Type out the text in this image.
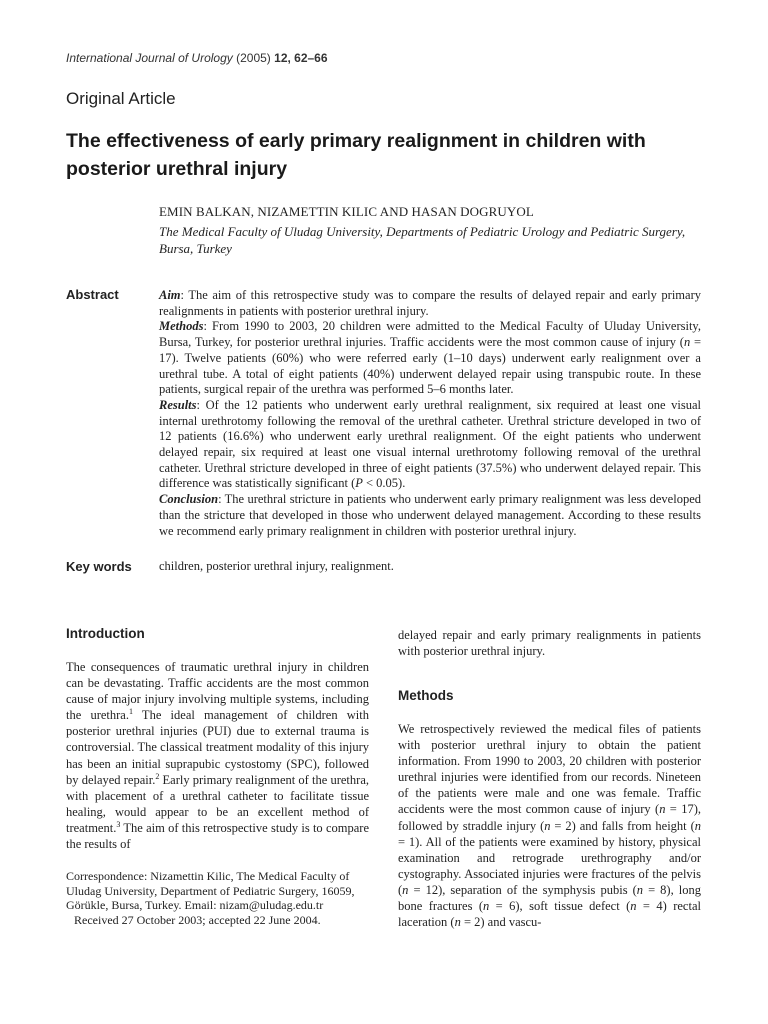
International Journal of Urology (2005) 12, 62–66
Original Article
The effectiveness of early primary realignment in children with posterior urethral injury
EMIN BALKAN, NIZAMETTIN KILIC AND HASAN DOGRUYOL
The Medical Faculty of Uludag University, Departments of Pediatric Urology and Pediatric Surgery, Bursa, Turkey
Abstract	Aim: The aim of this retrospective study was to compare the results of delayed repair and early primary realignments in patients with posterior urethral injury.

Methods: From 1990 to 2003, 20 children were admitted to the Medical Faculty of Uluday University, Bursa, Turkey, for posterior urethral injuries. Traffic accidents were the most common cause of injury (n = 17). Twelve patients (60%) who were referred early (1–10 days) underwent early realignment over a urethral tube. A total of eight patients (40%) underwent delayed repair using transpubic route. In these patients, surgical repair of the urethra was performed 5–6 months later.

Results: Of the 12 patients who underwent early urethral realignment, six required at least one visual internal urethrotomy following the removal of the urethral catheter. Urethral stricture developed in two of 12 patients (16.6%) who underwent early urethral realignment. Of the eight patients who underwent delayed repair, six required at least one visual internal urethrotomy following removal of the urethral catheter. Urethral stricture developed in three of eight patients (37.5%) who underwent delayed repair. This difference was statistically significant (P < 0.05).

Conclusion: The urethral stricture in patients who underwent early primary realignment was less developed than the stricture that developed in those who underwent delayed management. According to these results we recommend early primary realignment in children with posterior urethral injury.

Key words children, posterior urethral injury, realignment.
Introduction

The consequences of traumatic urethral injury in children can be devastating. Traffic accidents are the most common cause of major injury involving multiple systems, including the urethra.$^1$ The ideal management of children with posterior urethral injuries (PUI) due to external trauma is controversial. The classical treatment modality of this injury has been an initial suprapubic cystostomy (SPC), followed by delayed repair.$^2$ Early primary realignment of the urethra, with placement of a urethral catheter to facilitate tissue healing, would appear to be an excellent method of treatment.$^3$ The aim of this retrospective study is to compare the results of

Correspondence: Nizamettin Kilic, The Medical Faculty of Uludag University, Department of Pediatric Surgery, 16059, Görükle, Bursa, Turkey. Email: nizam@uludag.edu.tr

Received 27 October 2003; accepted 22 June 2004.

delayed repair and early primary realignments in patients with posterior urethral injury.

Methods

We retrospectively reviewed the medical files of patients with posterior urethral injury to obtain the patient information. From 1990 to 2003, 20 children with posterior urethral injuries were identified from our records. Nineteen of the patients were male and one was female. Traffic accidents were the most common cause of injury (n = 17), followed by straddle injury (n = 2) and falls from height (n = 1). All of the patients were examined by history, physical examination and retrograde urethrography and/or cystography. Associated injuries were fractures of the pelvis (n = 12), separation of the symphysis pubis (n = 8), long bone fractures (n = 6), soft tissue defect (n = 4) rectal laceration (n = 2) and vascu-
